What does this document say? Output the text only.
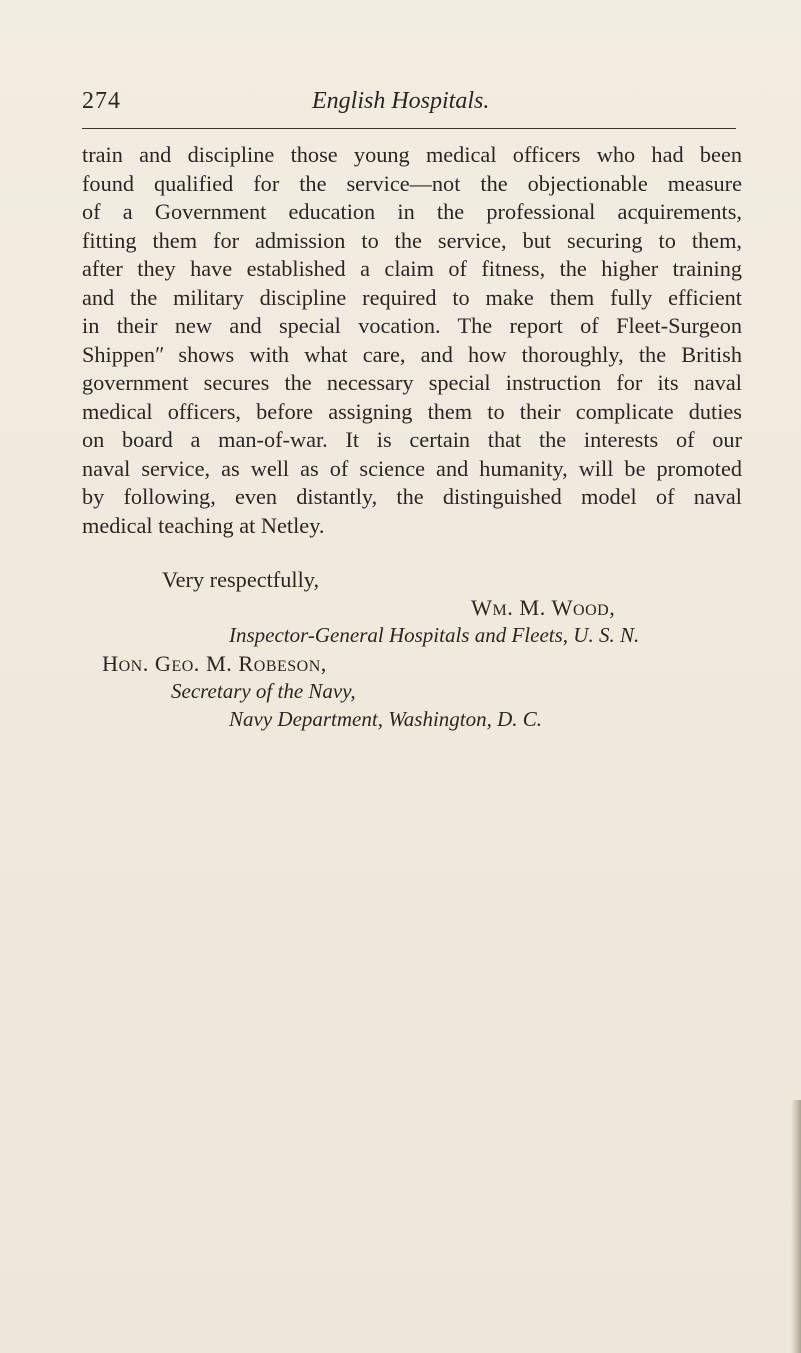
274	English Hospitals.
train and discipline those young medical officers who had been
found qualified for the service—not the objectionable measure
of a Government education in the professional acquirements,
fitting them for admission to the service, but securing to them,
after they have established a claim of fitness, the higher training
and the military discipline required to make them fully efficient
in their new and special vocation. The report of Fleet-Surgeon
Shippenʺ shows with what care, and how thoroughly, the British
government secures the necessary special instruction for its naval
medical officers, before assigning them to their complicate duties
on board a man-of-war. It is certain that the interests of our
naval service, as well as of science and humanity, will be promoted
by following, even distantly, the distinguished model of naval
medical teaching at Netley.
Very respectfully,
Wm. M. Wood,
Inspector-General Hospitals and Fleets, U. S. N.
Hon. Geo. M. Robeson,
Secretary of the Navy,
Navy Department, Washington, D. C.
